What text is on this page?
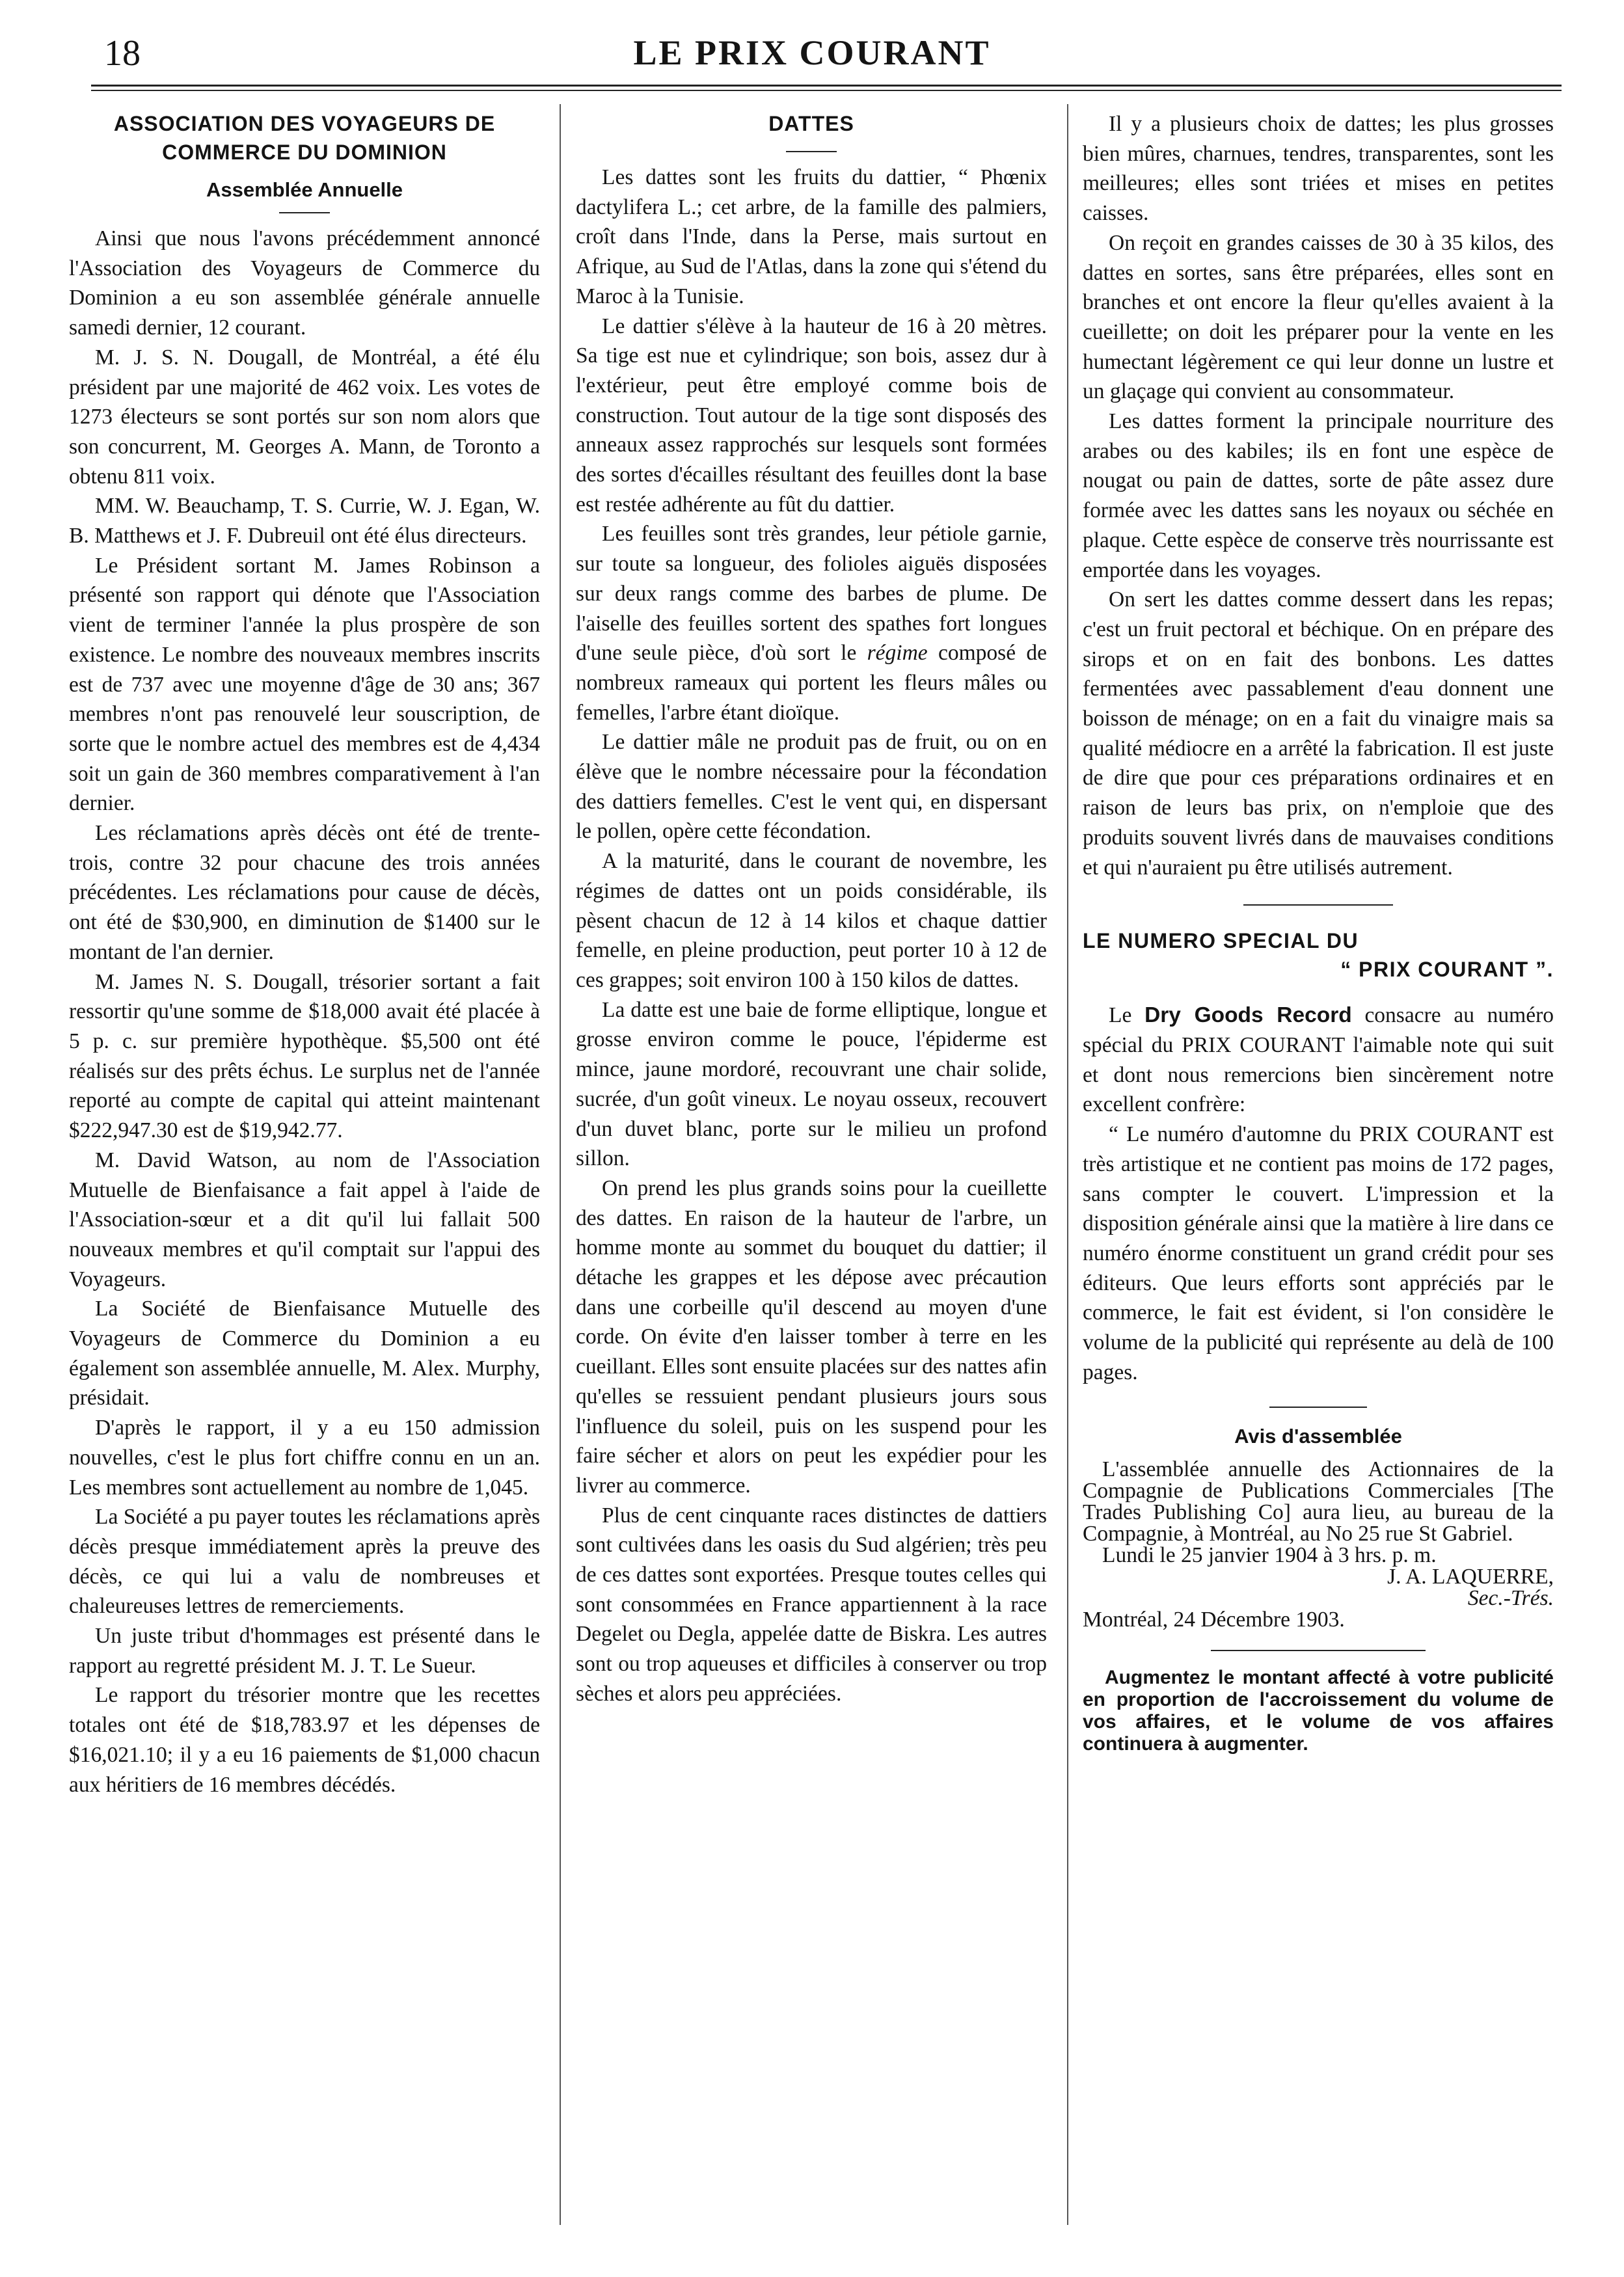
18	LE PRIX COURANT
ASSOCIATION DES VOYAGEURS DE COMMERCE DU DOMINION
Assemblée Annuelle

Ainsi que nous l'avons précédemment annoncé l'Association des Voyageurs de Commerce du Dominion a eu son assemblée générale annuelle samedi dernier, 12 courant.

M. J. S. N. Dougall, de Montréal, a été élu président par une majorité de 462 voix. Les votes de 1273 électeurs se sont portés sur son nom alors que son concurrent, M. Georges A. Mann, de Toronto a obtenu 811 voix.

MM. W. Beauchamp, T. S. Currie, W. J. Egan, W. B. Matthews et J. F. Dubreuil ont été élus directeurs.

Le Président sortant M. James Robinson a présenté son rapport qui dénote que l'Association vient de terminer l'année la plus prospère de son existence. Le nombre des nouveaux membres inscrits est de 737 avec une moyenne d'âge de 30 ans; 367 membres n'ont pas renouvelé leur souscription, de sorte que le nombre actuel des membres est de 4,434 soit un gain de 360 membres comparativement à l'an dernier.

Les réclamations après décès ont été de trente-trois, contre 32 pour chacune des trois années précédentes. Les réclamations pour cause de décès, ont été de $30,900, en diminution de $1400 sur le montant de l'an dernier.

M. James N. S. Dougall, trésorier sortant a fait ressortir qu'une somme de $18,000 avait été placée à 5 p. c. sur première hypothèque. $5,500 ont été réalisés sur des prêts échus. Le surplus net de l'année reporté au compte de capital qui atteint maintenant $222,947.30 est de $19,942.77.

M. David Watson, au nom de l'Association Mutuelle de Bienfaisance a fait appel à l'aide de l'Association-sœur et a dit qu'il lui fallait 500 nouveaux membres et qu'il comptait sur l'appui des Voyageurs.

La Société de Bienfaisance Mutuelle des Voyageurs de Commerce du Dominion a eu également son assemblée annuelle, M. Alex. Murphy, présidait.

D'après le rapport, il y a eu 150 admission nouvelles, c'est le plus fort chiffre connu en un an. Les membres sont actuellement au nombre de 1,045.

La Société a pu payer toutes les réclamations après décès presque immédiatement après la preuve des décès, ce qui lui a valu de nombreuses et chaleureuses lettres de remerciements.

Un juste tribut d'hommages est présenté dans le rapport au regretté président M. J. T. Le Sueur.

Le rapport du trésorier montre que les recettes totales ont été de $18,783.97 et les dépenses de $16,021.10; il y a eu 16 paiements de $1,000 chacun aux héritiers de 16 membres décédés.

DATTES

Les dattes sont les fruits du dattier, “ Phœnix dactylifera L.; cet arbre, de la famille des palmiers, croît dans l'Inde, dans la Perse, mais surtout en Afrique, au Sud de l'Atlas, dans la zone qui s'étend du Maroc à la Tunisie.

Le dattier s'élève à la hauteur de 16 à 20 mètres. Sa tige est nue et cylindrique; son bois, assez dur à l'extérieur, peut être employé comme bois de construction. Tout autour de la tige sont disposés des anneaux assez rapprochés sur lesquels sont formées des sortes d'écailles résultant des feuilles dont la base est restée adhérente au fût du dattier.

Les feuilles sont très grandes, leur pétiole garnie, sur toute sa longueur, des folioles aiguës disposées sur deux rangs comme des barbes de plume. De l'aiselle des feuilles sortent des spathes fort longues d'une seule pièce, d'où sort le régime composé de nombreux rameaux qui portent les fleurs mâles ou femelles, l'arbre étant dioïque.

Le dattier mâle ne produit pas de fruit, ou on en élève que le nombre nécessaire pour la fécondation des dattiers femelles. C'est le vent qui, en dispersant le pollen, opère cette fécondation.

A la maturité, dans le courant de novembre, les régimes de dattes ont un poids considérable, ils pèsent chacun de 12 à 14 kilos et chaque dattier femelle, en pleine production, peut porter 10 à 12 de ces grappes; soit environ 100 à 150 kilos de dattes.

La datte est une baie de forme elliptique, longue et grosse environ comme le pouce, l'épiderme est mince, jaune mordoré, recouvrant une chair solide, sucrée, d'un goût vineux. Le noyau osseux, recouvert d'un duvet blanc, porte sur le milieu un profond sillon.

On prend les plus grands soins pour la cueillette des dattes. En raison de la hauteur de l'arbre, un homme monte au sommet du bouquet du dattier; il détache les grappes et les dépose avec précaution dans une corbeille qu'il descend au moyen d'une corde. On évite d'en laisser tomber à terre en les cueillant. Elles sont ensuite placées sur des nattes afin qu'elles se ressuient pendant plusieurs jours sous l'influence du soleil, puis on les suspend pour les faire sécher et alors on peut les expédier pour les livrer au commerce.

Plus de cent cinquante races distinctes de dattiers sont cultivées dans les oasis du Sud algérien; très peu de ces dattes sont exportées. Presque toutes celles qui sont consommées en France appartiennent à la race Degelet ou Degla, appelée datte de Biskra. Les autres sont ou trop aqueuses et difficiles à conserver ou trop sèches et alors peu appréciées.

Il y a plusieurs choix de dattes; les plus grosses bien mûres, charnues, tendres, transparentes, sont les meilleures; elles sont triées et mises en petites caisses.

On reçoit en grandes caisses de 30 à 35 kilos, des dattes en sortes, sans être préparées, elles sont en branches et ont encore la fleur qu'elles avaient à la cueillette; on doit les préparer pour la vente en les humectant légèrement ce qui leur donne un lustre et un glaçage qui convient au consommateur.

Les dattes forment la principale nourriture des arabes ou des kabiles; ils en font une espèce de nougat ou pain de dattes, sorte de pâte assez dure formée avec les dattes sans les noyaux ou séchée en plaque. Cette espèce de conserve très nourrissante est emportée dans les voyages.

On sert les dattes comme dessert dans les repas; c'est un fruit pectoral et béchique. On en prépare des sirops et on en fait des bonbons. Les dattes fermentées avec passablement d'eau donnent une boisson de ménage; on en a fait du vinaigre mais sa qualité médiocre en a arrêté la fabrication. Il est juste de dire que pour ces préparations ordinaires et en raison de leurs bas prix, on n'emploie que des produits souvent livrés dans de mauvaises conditions et qui n'auraient pu être utilisés autrement.

LE NUMERO SPECIAL DU
“ PRIX COURANT ”.

Le Dry Goods Record consacre au numéro spécial du PRIX COURANT l'aimable note qui suit et dont nous remercions bien sincèrement notre excellent confrère:

“ Le numéro d'automne du PRIX COURANT est très artistique et ne contient pas moins de 172 pages, sans compter le couvert. L'impression et la disposition générale ainsi que la matière à lire dans ce numéro énorme constituent un grand crédit pour ses éditeurs. Que leurs efforts sont appréciés par le commerce, le fait est évident, si l'on considère le volume de la publicité qui représente au delà de 100 pages.

Avis d'assemblée

L'assemblée annuelle des Actionnaires de la Compagnie de Publications Commerciales [The Trades Publishing Co] aura lieu, au bureau de la Compagnie, à Montréal, au No 25 rue St Gabriel.

Lundi le 25 janvier 1904 à 3 hrs. p. m.

J. A. LAQUERRE,

Sec.-Trés.

Montréal, 24 Décembre 1903.

Augmentez le montant affecté à votre publicité en proportion de l'accroissement du volume de vos affaires, et le volume de vos affaires continuera à augmenter.
